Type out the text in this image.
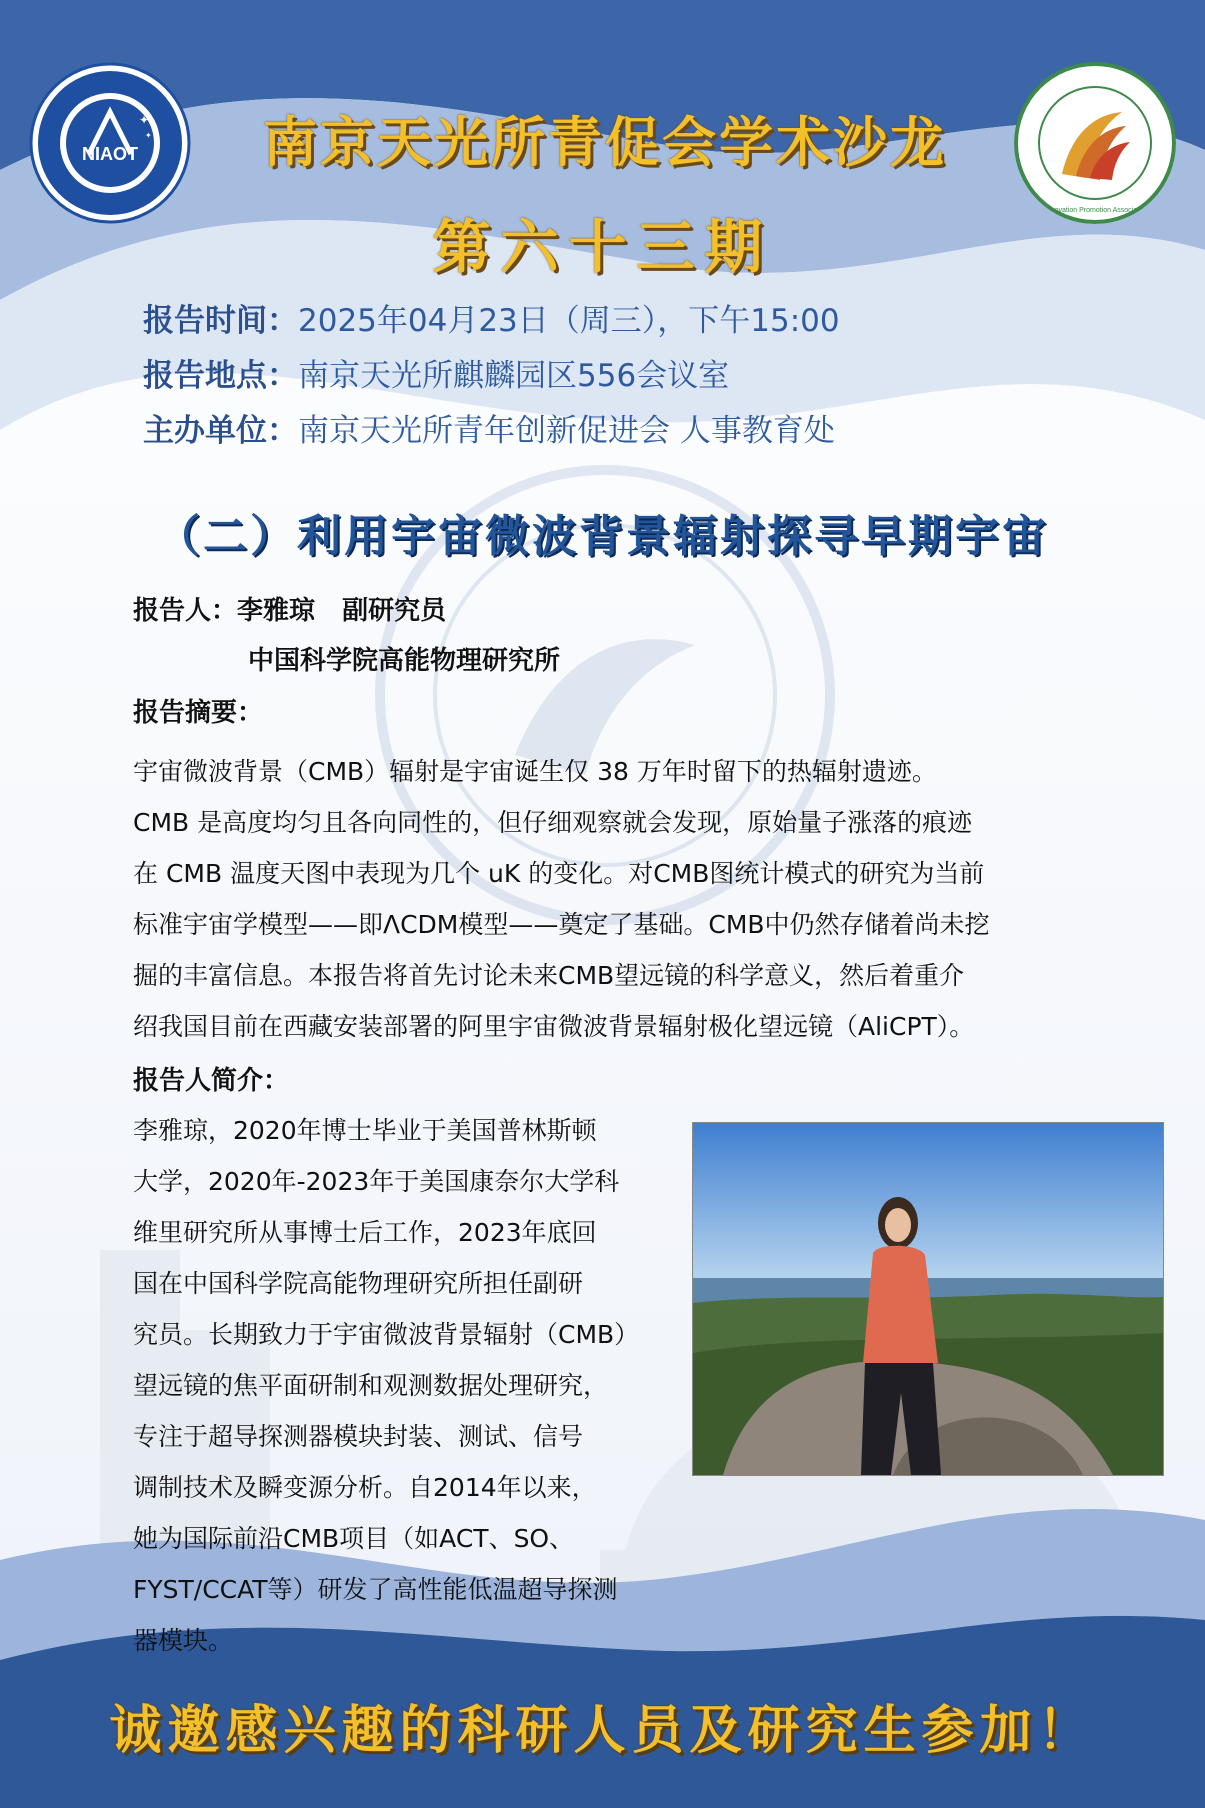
NIAOT
✦
✦
Youth Innovation Promotion Association CAS
南京天光所青促会学术沙龙
第六十三期
报告时间：2025年04月23日（周三），下午15:00
报告地点：南京天光所麒麟园区556会议室
主办单位：南京天光所青年创新促进会 人事教育处
（二）利用宇宙微波背景辐射探寻早期宇宙
报告人：李雅琼   副研究员
中国科学院高能物理研究所
报告摘要：

宇宙微波背景（CMB）辐射是宇宙诞生仅 38 万年时留下的热辐射遗迹。

CMB 是高度均匀且各向同性的，但仔细观察就会发现，原始量子涨落的痕迹

在 CMB 温度天图中表现为几个 uK 的变化。对CMB图统计模式的研究为当前

标准宇宙学模型——即ΛCDM模型——奠定了基础。CMB中仍然存储着尚未挖

掘的丰富信息。本报告将首先讨论未来CMB望远镜的科学意义，然后着重介

绍我国目前在西藏安装部署的阿里宇宙微波背景辐射极化望远镜（AliCPT）。

报告人简介：

李雅琼，2020年博士毕业于美国普林斯顿

大学，2020年-2023年于美国康奈尔大学科

维里研究所从事博士后工作，2023年底回

国在中国科学院高能物理研究所担任副研

究员。长期致力于宇宙微波背景辐射（CMB）

望远镜的焦平面研制和观测数据处理研究，

专注于超导探测器模块封装、测试、信号

调制技术及瞬变源分析。自2014年以来，

她为国际前沿CMB项目（如ACT、SO、

FYST/CCAT等）研发了高性能低温超导探测

器模块。

诚邀感兴趣的科研人员及研究生参加！
